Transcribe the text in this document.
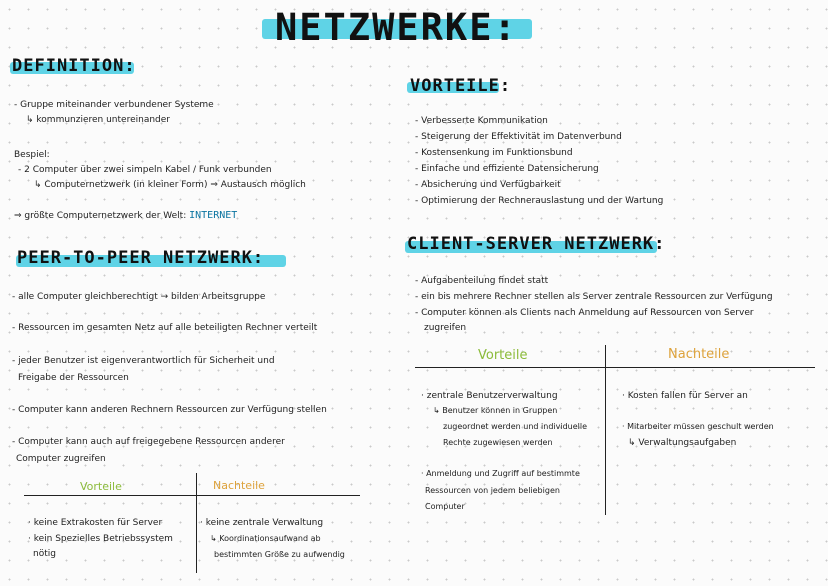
NETZWERKE:
DEFINITION:
- Gruppe miteinander verbundener Systeme
↳ kommunzieren untereinander
Bespiel:
- 2 Computer über zwei simpeln Kabel / Funk verbunden
↳ Computernetzwerk (in kleiner Form) ⇒ Austausch möglich
⇒ größte Computernetzwerk der Welt: INTERNET
PEER-TO-PEER NETZWERK:
- alle Computer gleichberechtigt → bilden Arbeitsgruppe
- Ressourcen im gesamten Netz auf alle beteiligten Rechner verteilt
- jeder Benutzer ist eigenverantwortlich für Sicherheit und
Freigabe der Ressourcen
- Computer kann anderen Rechnern Ressourcen zur Verfügung stellen
- Computer kann auch auf freigegebene Ressourcen anderer
Computer zugreifen
Vorteile	Nachteile
· keine Extrakosten für Server
· kein Spezielles Betriebssystem
nötig
· keine zentrale Verwaltung
↳ Koordinationsaufwand ab
bestimmten Größe zu aufwendig
VORTEILE:
- Verbesserte Kommunikation
- Steigerung der Effektivität im Datenverbund
- Kostensenkung im Funktionsbund
- Einfache und effiziente Datensicherung
- Absicherung und Verfügbarkeit
- Optimierung der Rechnerauslastung und der Wartung
CLIENT-SERVER NETZWERK:
- Aufgabenteilung findet statt
- ein bis mehrere Rechner stellen als Server zentrale Ressourcen zur Verfügung
- Computer können als Clients nach Anmeldung auf Ressourcen von Server
zugreifen
Vorteile	Nachteile
· zentrale Benutzerverwaltung
↳ Benutzer können in Gruppen
zugeordnet werden und individuelle
Rechte zugewiesen werden
· Anmeldung und Zugriff auf bestimmte
Ressourcen von jedem beliebigen
Computer
· Kosten fallen für Server an
· Mitarbeiter müssen geschult werden
↳ Verwaltungsaufgaben
